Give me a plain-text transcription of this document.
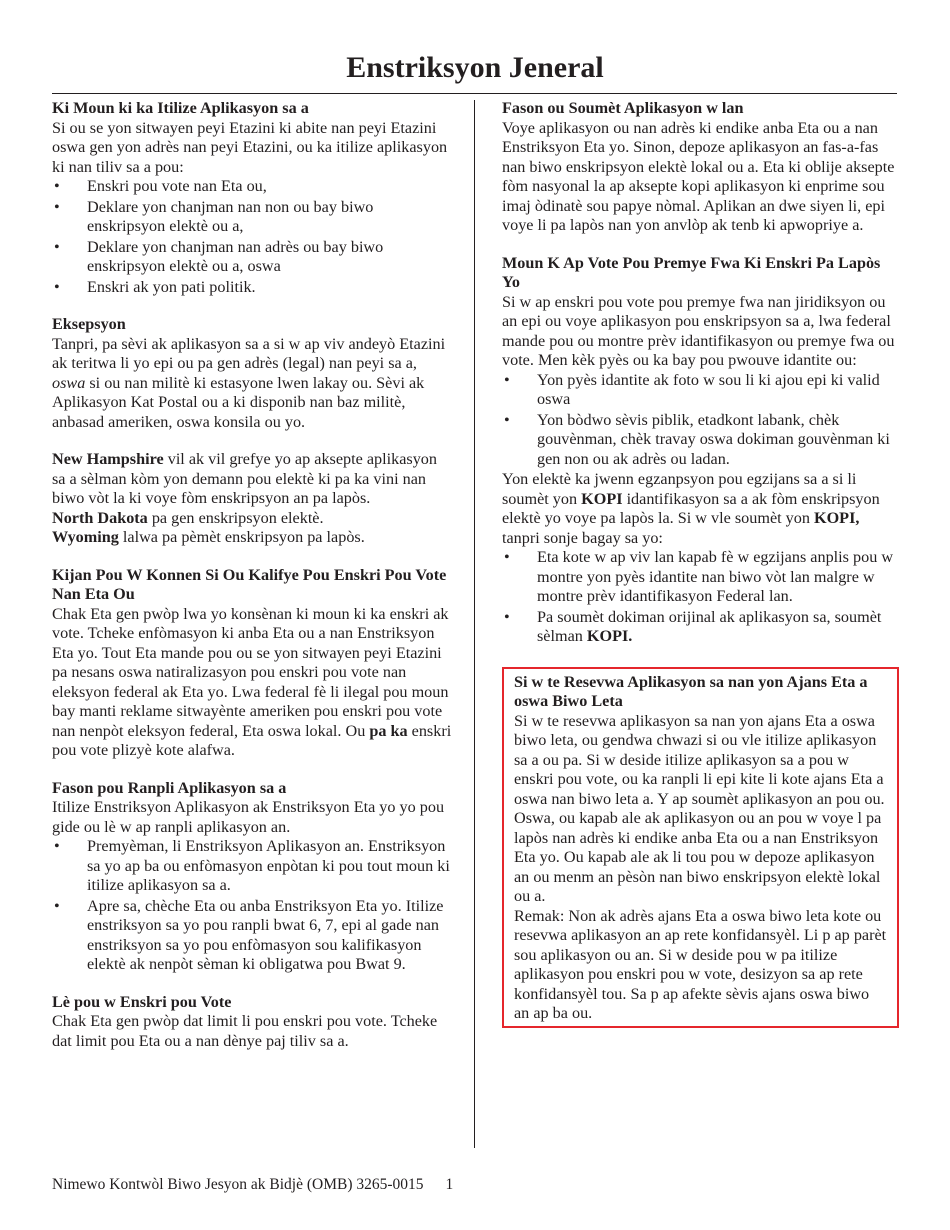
Enstriksyon Jeneral
Ki Moun ki ka Itilize Aplikasyon sa a

Si ou se yon sitwayen peyi Etazini ki abite nan peyi Etazini oswa gen yon adrès nan peyi Etazini, ou ka itilize aplikasyon ki nan tiliv sa a pou:

• Enskri pou vote nan Eta ou,
• Deklare yon chanjman nan non ou bay biwo enskripsyon elektè ou a,
• Deklare yon chanjman nan adrès ou bay biwo enskripsyon elektè ou a, oswa
• Enskri ak yon pati politik.
Eksepsyon

Tanpri, pa sèvi ak aplikasyon sa a si w ap viv andeyò Etazini ak teritwa li yo epi ou pa gen adrès (legal) nan peyi sa a, oswa si ou nan militè ki estasyone lwen lakay ou. Sèvi ak Aplikasyon Kat Postal ou a ki disponib nan baz militè, anbasad ameriken, oswa konsila ou yo.

New Hampshire vil ak vil grefye yo ap aksepte aplikasyon sa a sèlman kòm yon demann pou elektè ki pa ka vini nan biwo vòt la ki voye fòm enskripsyon an pa lapòs.

North Dakota pa gen enskripsyon elektè.

Wyoming lalwa pa pèmèt enskripsyon pa lapòs.

Kijan Pou W Konnen Si Ou Kalifye Pou Enskri Pou Vote Nan Eta Ou

Chak Eta gen pwòp lwa yo konsènan ki moun ki ka enskri ak vote. Tcheke enfòmasyon ki anba Eta ou a nan Enstriksyon Eta yo. Tout Eta mande pou ou se yon sitwayen peyi Etazini pa nesans oswa natiralizasyon pou enskri pou vote nan eleksyon federal ak Eta yo. Lwa federal fè li ilegal pou moun bay manti reklame sitwayènte ameriken pou enskri pou vote nan nenpòt eleksyon federal, Eta oswa lokal. Ou pa ka enskri pou vote plizyè kote alafwa.

Fason pou Ranpli Aplikasyon sa a

Itilize Enstriksyon Aplikasyon ak Enstriksyon Eta yo yo pou gide ou lè w ap ranpli aplikasyon an.

• Premyèman, li Enstriksyon Aplikasyon an. Enstriksyon sa yo ap ba ou enfòmasyon enpòtan ki pou tout moun ki itilize aplikasyon sa a.
• Apre sa, chèche Eta ou anba Enstriksyon Eta yo. Itilize enstriksyon sa yo pou ranpli bwat 6, 7, epi al gade nan enstriksyon sa yo pou enfòmasyon sou kalifikasyon elektè ak nenpòt sèman ki obligatwa pou Bwat 9.
Lè pou w Enskri pou Vote

Chak Eta gen pwòp dat limit li pou enskri pou vote. Tcheke dat limit pou Eta ou a nan dènye paj tiliv sa a.

Fason ou Soumèt Aplikasyon w lan

Voye aplikasyon ou nan adrès ki endike anba Eta ou a nan Enstriksyon Eta yo. Sinon, depoze aplikasyon an fas-a-fas nan biwo enskripsyon elektè lokal ou a. Eta ki oblije aksepte fòm nasyonal la ap aksepte kopi aplikasyon ki enprime sou imaj òdinatè sou papye nòmal. Aplikan an dwe siyen li, epi voye li pa lapòs nan yon anvlòp ak tenb ki apwopriye a.

Moun K Ap Vote Pou Premye Fwa Ki Enskri Pa Lapòs Yo

Si w ap enskri pou vote pou premye fwa nan jiridiksyon ou an epi ou voye aplikasyon pou enskripsyon sa a, lwa federal mande pou ou montre prèv idantifikasyon ou premye fwa ou vote. Men kèk pyès ou ka bay pou pwouve idantite ou:

• Yon pyès idantite ak foto w sou li ki ajou epi ki valid oswa
• Yon bòdwo sèvis piblik, etadkont labank, chèk gouvènman, chèk travay oswa dokiman gouvènman ki gen non ou ak adrès ou ladan.

Yon elektè ka jwenn egzanpsyon pou egzijans sa a si li soumèt yon KOPI idantifikasyon sa a ak fòm enskripsyon elektè yo voye pa lapòs la. Si w vle soumèt yon KOPI, tanpri sonje bagay sa yo:

• Eta kote w ap viv lan kapab fè w egzijans anplis pou w montre yon pyès idantite nan biwo vòt lan malgre w montre prèv idantifikasyon Federal lan.
• Pa soumèt dokiman orijinal ak aplikasyon sa, soumèt sèlman KOPI.
Si w te Resevwa Aplikasyon sa nan yon Ajans Eta a oswa Biwo Leta

Si w te resevwa aplikasyon sa nan yon ajans Eta a oswa biwo leta, ou gendwa chwazi si ou vle itilize aplikasyon sa a ou pa. Si w deside itilize aplikasyon sa a pou w enskri pou vote, ou ka ranpli li epi kite li kote ajans Eta a oswa nan biwo leta a. Y ap soumèt aplikasyon an pou ou. Oswa, ou kapab ale ak aplikasyon ou an pou w voye l pa lapòs nan adrès ki endike anba Eta ou a nan Enstriksyon Eta yo. Ou kapab ale ak li tou pou w depoze aplikasyon an ou menm an pèsòn nan biwo enskripsyon elektè lokal ou a.

Remak: Non ak adrès ajans Eta a oswa biwo leta kote ou resevwa aplikasyon an ap rete konfidansyèl. Li p ap parèt sou aplikasyon ou an. Si w deside pou w pa itilize aplikasyon pou enskri pou w vote, desizyon sa ap rete konfidansyèl tou. Sa p ap afekte sèvis ajans oswa biwo an ap ba ou.

Nimewo Kontwòl Biwo Jesyon ak Bidjè (OMB) 3265-0015 1
